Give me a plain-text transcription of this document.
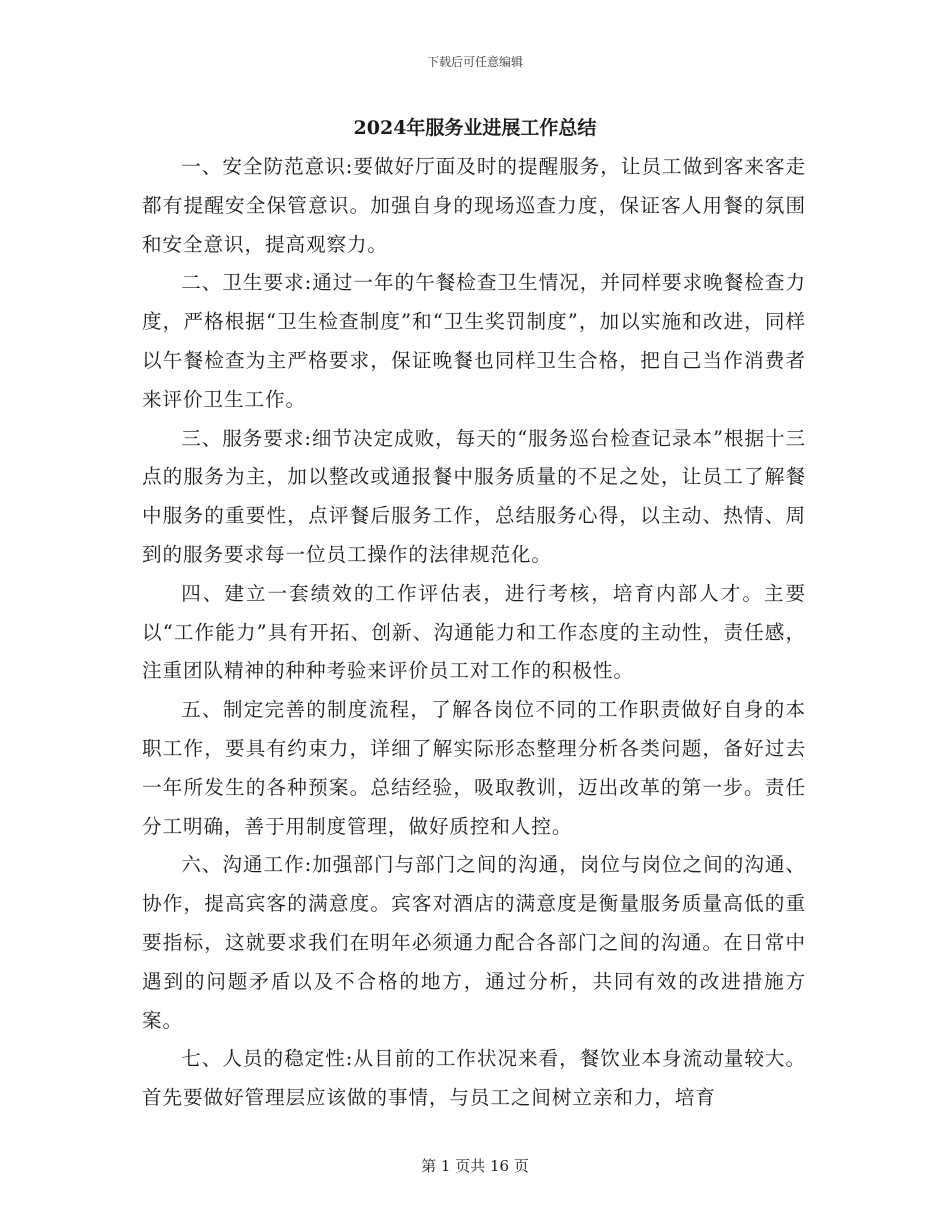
下载后可任意编辑
2024年服务业进展工作总结

一、安全防范意识:要做好厅面及时的提醒服务，让员工做到客来客走都有提醒安全保管意识。加强自身的现场巡查力度，保证客人用餐的氛围和安全意识，提高观察力。

二、卫生要求:通过一年的午餐检查卫生情况，并同样要求晚餐检查力度，严格根据“卫生检查制度”和“卫生奖罚制度”，加以实施和改进，同样以午餐检查为主严格要求，保证晚餐也同样卫生合格，把自己当作消费者来评价卫生工作。

三、服务要求:细节决定成败，每天的“服务巡台检查记录本”根据十三点的服务为主，加以整改或通报餐中服务质量的不足之处，让员工了解餐中服务的重要性，点评餐后服务工作，总结服务心得，以主动、热情、周到的服务要求每一位员工操作的法律规范化。

四、建立一套绩效的工作评估表，进行考核，培育内部人才。主要以“工作能力”具有开拓、创新、沟通能力和工作态度的主动性，责任感，注重团队精神的种种考验来评价员工对工作的积极性。

五、制定完善的制度流程，了解各岗位不同的工作职责做好自身的本职工作，要具有约束力，详细了解实际形态整理分析各类问题，备好过去一年所发生的各种预案。总结经验，吸取教训，迈出改革的第一步。责任分工明确，善于用制度管理，做好质控和人控。

六、沟通工作:加强部门与部门之间的沟通，岗位与岗位之间的沟通、协作，提高宾客的满意度。宾客对酒店的满意度是衡量服务质量高低的重要指标，这就要求我们在明年必须通力配合各部门之间的沟通。在日常中遇到的问题矛盾以及不合格的地方，通过分析，共同有效的改进措施方案。

七、人员的稳定性:从目前的工作状况来看，餐饮业本身流动量较大。首先要做好管理层应该做的事情，与员工之间树立亲和力，培育

第 1 页共 16 页
